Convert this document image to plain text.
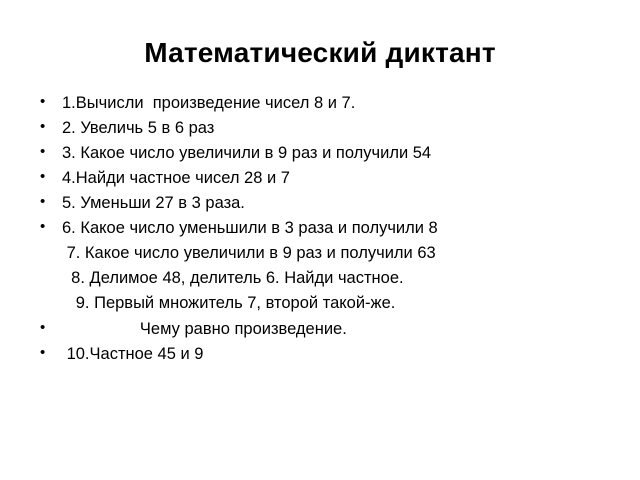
Математический диктант
• 1.Вычисли  произведение чисел 8 и 7.
• 2. Увеличь 5 в 6 раз
• 3. Какое число увеличили в 9 раз и получили 54
• 4.Найди частное чисел 28 и 7
• 5. Уменьши 27 в 3 раза.
• 6. Какое число уменьшили в 3 раза и получили 8
7. Какое число увеличили в 9 раз и получили 63
8. Делимое 48, делитель 6. Найди частное.
9. Первый множитель 7, второй такой-же.
•                  Чему равно произведение.
•  10.Частное 45 и 9
